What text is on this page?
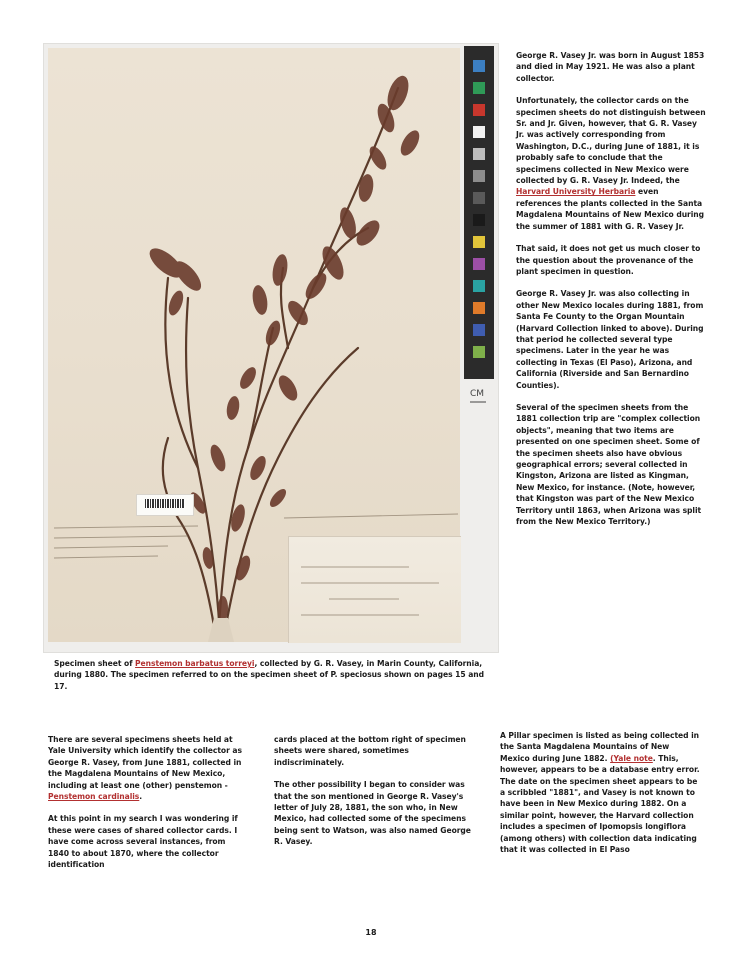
CM
Specimen sheet of Penstemon barbatus torreyi, collected by G. R. Vasey, in Marin County, California, during 1880. The specimen referred to on the specimen sheet of P. speciosus shown on pages 15 and 17.

George R. Vasey Jr. was born in August 1853 and died in May 1921. He was also a plant collector.

Unfortunately, the collector cards on the specimen sheets do not distinguish between Sr. and Jr. Given, however, that G. R. Vasey Jr. was actively corresponding from Washington, D.C., during June of 1881, it is probably safe to conclude that the specimens collected in New Mexico were collected by G. R. Vasey Jr. Indeed, the Harvard University Herbaria even references the plants collected in the Santa Magdalena Mountains of New Mexico during the summer of 1881 with G. R. Vasey Jr.

That said, it does not get us much closer to the question about the provenance of the plant specimen in question.

George R. Vasey Jr. was also collecting in other New Mexico locales during 1881, from Santa Fe County to the Organ Mountain (Harvard Collection linked to above). During that period he collected several type specimens. Later in the year he was collecting in Texas (El Paso), Arizona, and California (Riverside and San Bernardino Counties).

Several of the specimen sheets from the 1881 collection trip are "complex collection objects", meaning that two items are presented on one specimen sheet. Some of the specimen sheets also have obvious geographical errors; several collected in Kingston, Arizona are listed as Kingman, New Mexico, for instance. (Note, however, that Kingston was part of the New Mexico Territory until 1863, when Arizona was split from the New Mexico Territory.)

There are several specimens sheets held at Yale University which identify the collector as George R. Vasey, from June 1881, collected in the Magdalena Mountains of New Mexico, including at least one (other) penstemon - Penstemon cardinalis.

At this point in my search I was wondering if these were cases of shared collector cards. I have come across several instances, from 1840 to about 1870, where the collector identification

cards placed at the bottom right of specimen sheets were shared, sometimes indiscriminately.

The other possibility I began to consider was that the son mentioned in George R. Vasey's letter of July 28, 1881, the son who, in New Mexico, had collected some of the specimens being sent to Watson, was also named George R. Vasey.

A Pillar specimen is listed as being collected in the Santa Magdalena Mountains of New Mexico during June 1882. (Yale note. This, however, appears to be a database entry error. The date on the specimen sheet appears to be a scribbled "1881", and Vasey is not known to have been in New Mexico during 1882. On a similar point, however, the Harvard collection includes a specimen of Ipomopsis longiflora (among others) with collection data indicating that it was collected in El Paso

18
